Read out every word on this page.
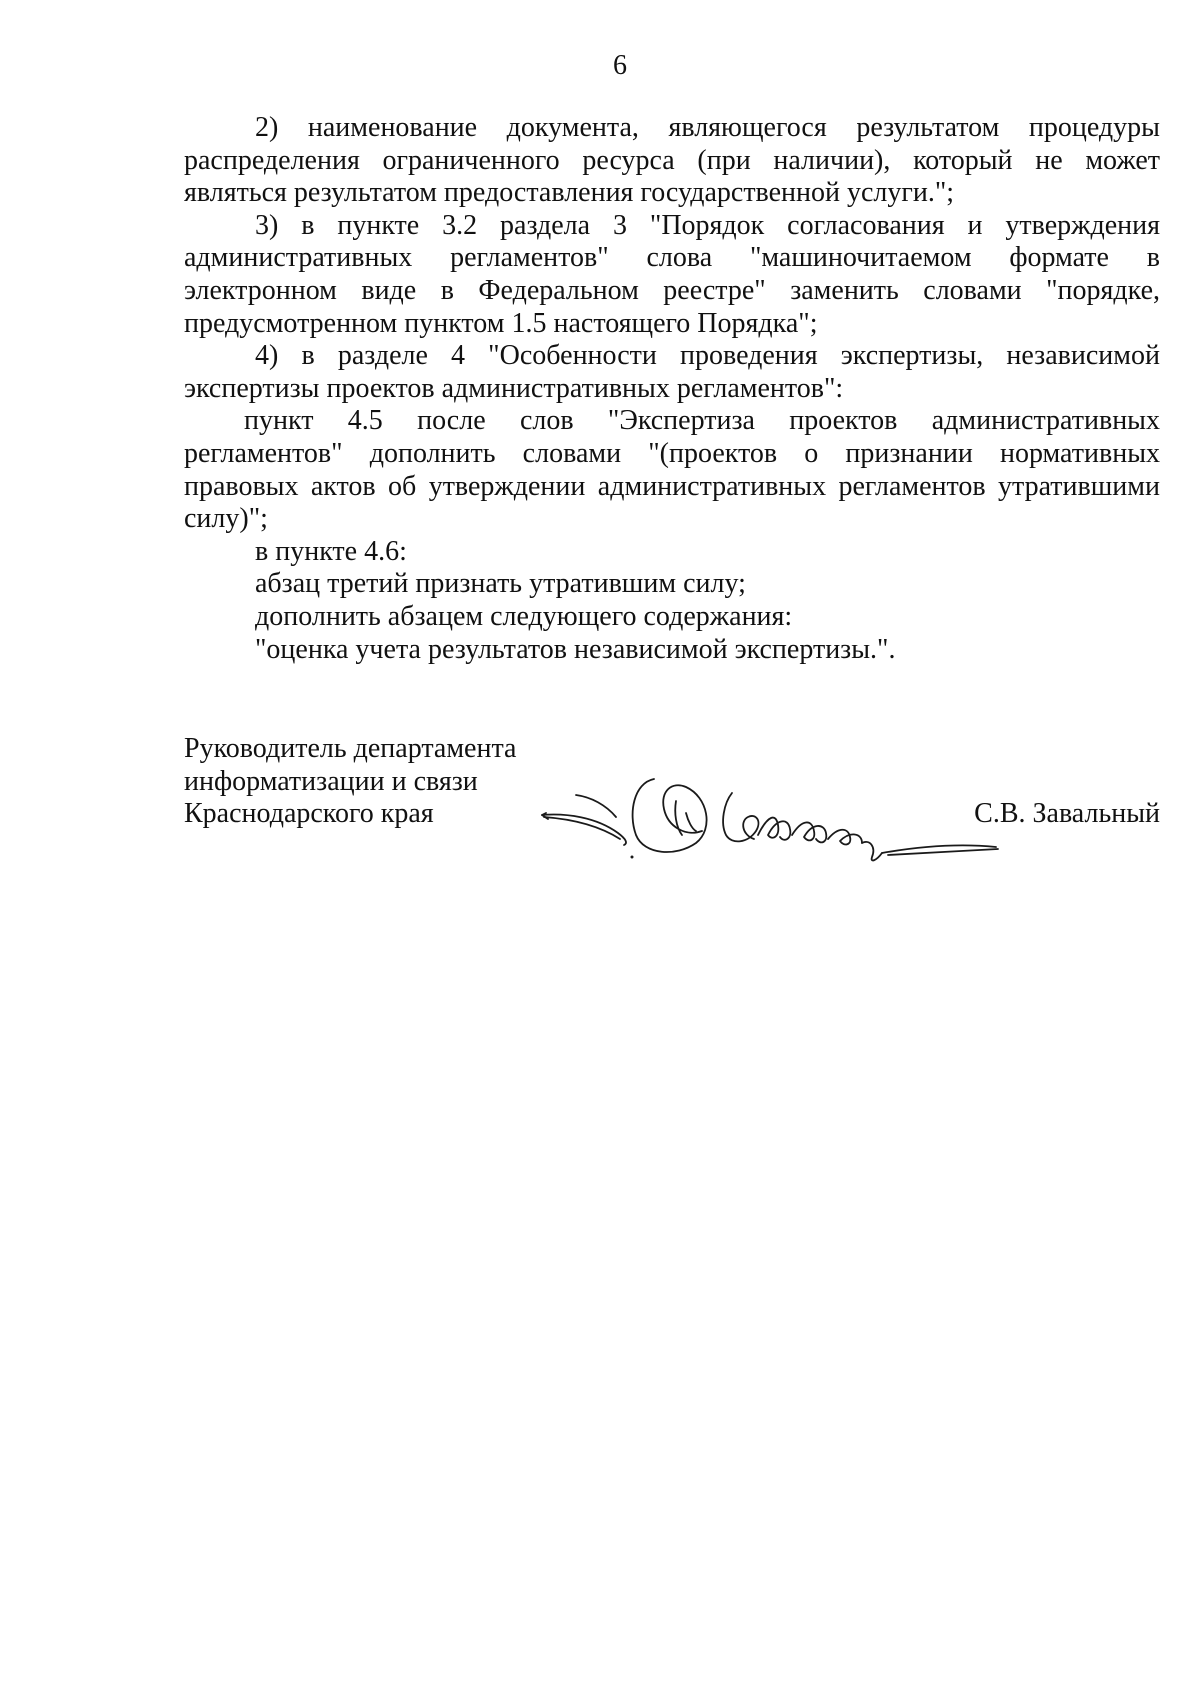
6

2) наименование документа, являющегося результатом процедуры распределения ограниченного ресурса (при наличии), который не может являться результатом предоставления государственной услуги.";

3) в пункте 3.2 раздела 3 "Порядок согласования и утверждения административных регламентов" слова "машиночитаемом формате в электронном виде в Федеральном реестре" заменить словами "порядке, предусмотренном пунктом 1.5 настоящего Порядка";

4) в разделе 4 "Особенности проведения экспертизы, независимой экспертизы проектов административных регламентов":

пункт 4.5 после слов "Экспертиза проектов административных регламентов" дополнить словами "(проектов о признании нормативных правовых актов об утверждении административных регламентов утратившими силу)";

в пункте 4.6:

абзац третий признать утратившим силу;

дополнить абзацем следующего содержания:

"оценка учета результатов независимой экспертизы.".

Руководитель департамента
информатизации и связи
Краснодарского края	С.В. Завальный
